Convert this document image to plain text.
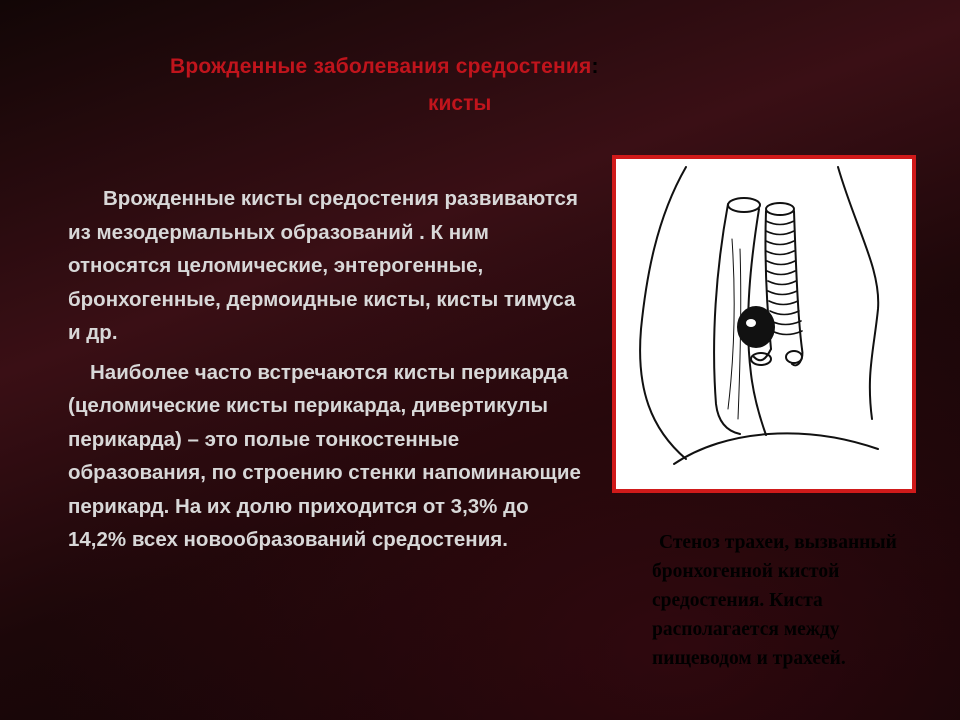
Врожденные заболевания средостения:
кисты

Врожденные кисты средостения развиваются из мезодермальных образований . К ним относятся целомические, энтерогенные, бронхогенные, дермоидные кисты, кисты тимуса и др.

Наиболее часто встречаются кисты перикарда (целомические кисты перикарда, дивертикулы перикарда) – это полые тонкостенные образования, по строению стенки напоминающие перикард. На их долю приходится от 3,3% до 14,2% всех новообразований средостения.	Стеноз трахеи, вызванный бронхогенной кистой средостения. Киста располагается между пищеводом и трахеей.
